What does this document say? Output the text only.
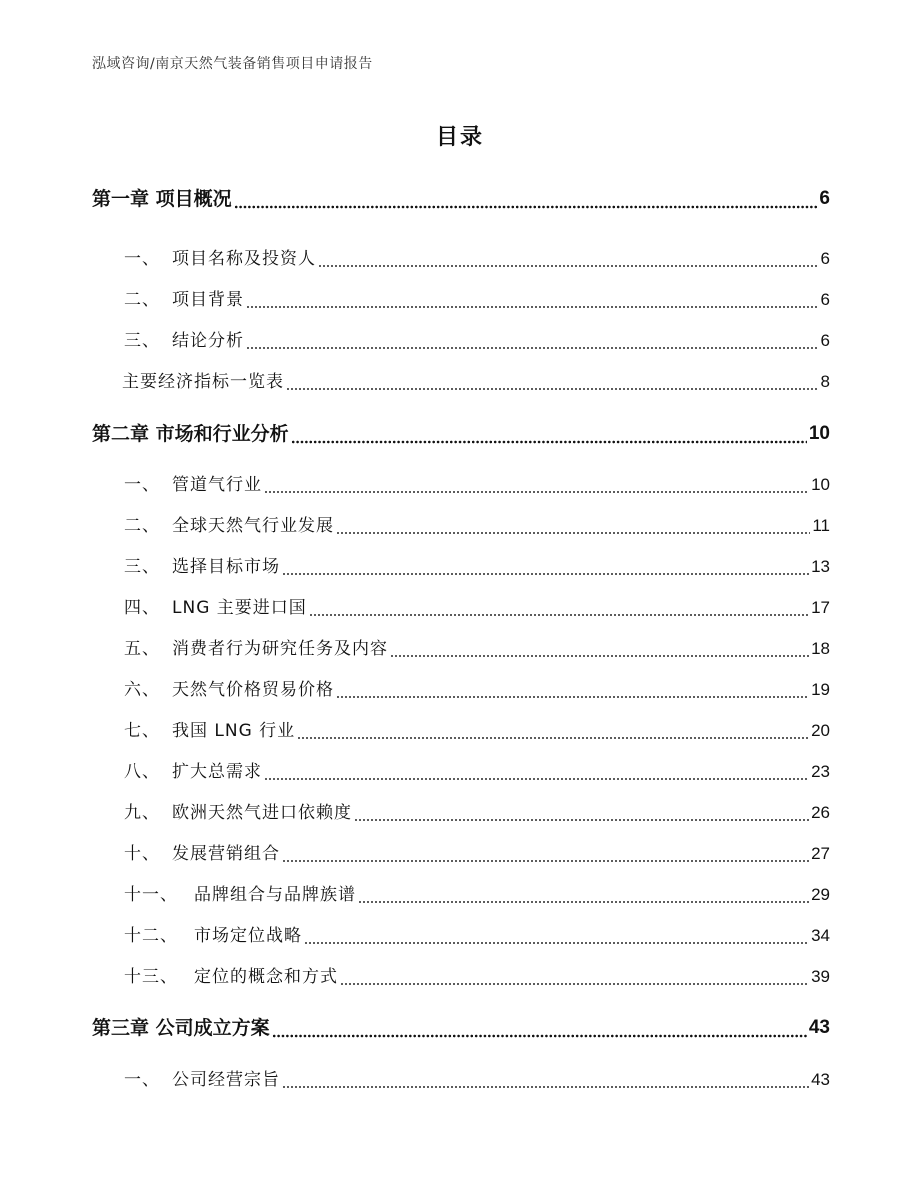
泓域咨询/南京天然气装备销售项目申请报告
目录
第一章 项目概况	6
一、 项目名称及投资人	6
二、 项目背景	6
三、 结论分析	6
主要经济指标一览表	8
第二章 市场和行业分析	10
一、 管道气行业	10
二、 全球天然气行业发展	11
三、 选择目标市场	13
四、 LNG 主要进口国	17
五、 消费者行为研究任务及内容	18
六、 天然气价格贸易价格	19
七、 我国 LNG 行业	20
八、 扩大总需求	23
九、 欧洲天然气进口依赖度	26
十、 发展营销组合	27
十一、 品牌组合与品牌族谱	29
十二、 市场定位战略	34
十三、 定位的概念和方式	39
第三章 公司成立方案	43
一、 公司经营宗旨	43
